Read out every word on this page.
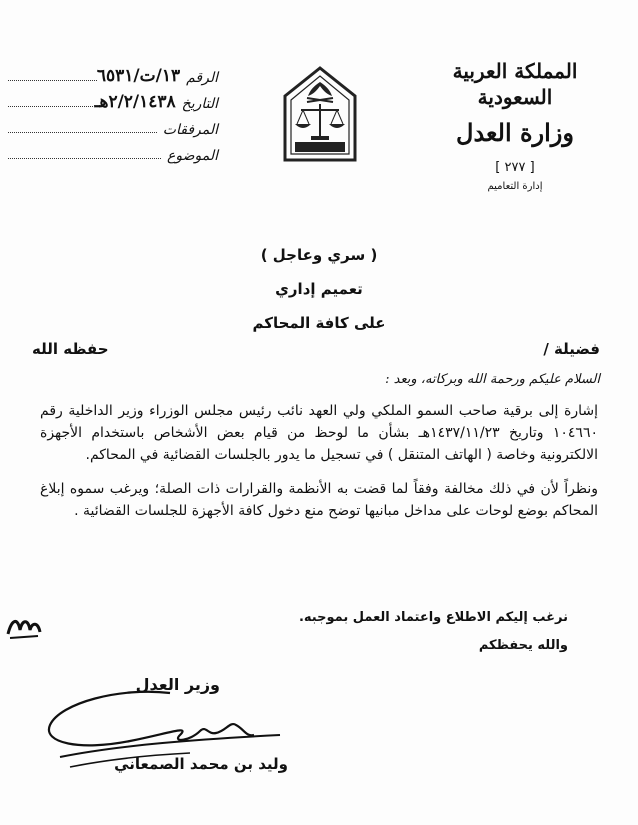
المملكة العربية السعودية
وزارة العدل
[ ٢٧٧ ]
إدارة التعاميم
الرقم
١٣/ت/٦٥٣١
التاريخ
٢/٢/١٤٣٨هـ
المرفقات
الموضوع
( سري وعاجل )
تعميم إداري
على كافة المحاكم
فضيلة /
حفظه الله
السلام عليكم ورحمة الله وبركاته، وبعد :

إشارة إلى برقية صاحب السمو الملكي ولي العهد نائب رئيس مجلس الوزراء وزير الداخلية رقم ١٠٤٦٦٠ وتاريخ ١٤٣٧/١١/٢٣هـ بشأن ما لوحظ من قيام بعض الأشخاص باستخدام الأجهزة الالكترونية وخاصة ( الهاتف المتنقل ) في تسجيل ما يدور بالجلسات القضائية في المحاكم.

ونظراً لأن في ذلك مخالفة وفقاً لما قضت به الأنظمة والقرارات ذات الصلة؛ ويرغب سموه إبلاغ المحاكم بوضع لوحات على مداخل مبانيها توضح منع دخول كافة الأجهزة للجلسات القضائية .

نرغب إليكم الاطلاع واعتماد العمل بموجبه.
والله يحفظكم
وزير العدل
وليد بن محمد الصمعاني
